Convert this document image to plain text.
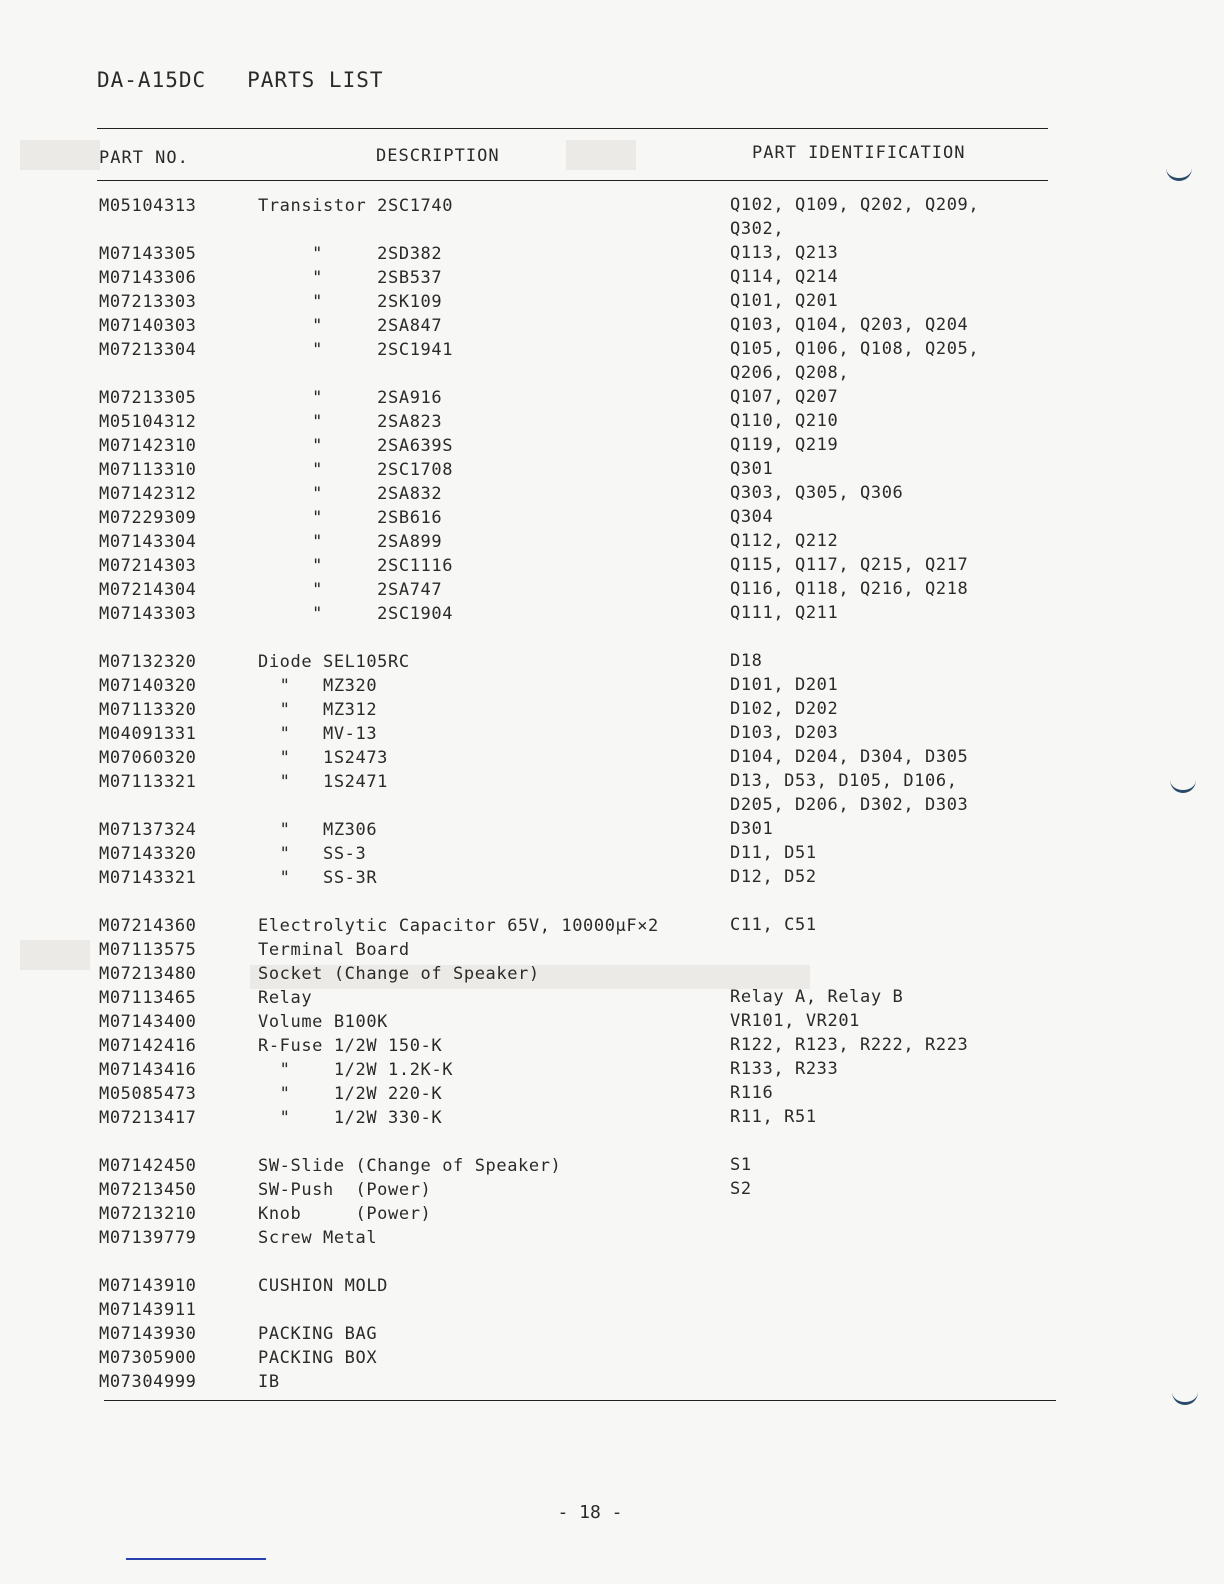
DA-A15DC   PARTS LIST
PART NO.	DESCRIPTION	PART IDENTIFICATION
M05104313	Transistor 2SC1740	Q102, Q109, Q202, Q209,
Q302,
M07143305	"     2SD382	Q113, Q213
M07143306	"     2SB537	Q114, Q214
M07213303	"     2SK109	Q101, Q201
M07140303	"     2SA847	Q103, Q104, Q203, Q204
M07213304	"     2SC1941	Q105, Q106, Q108, Q205,
Q206, Q208,
M07213305	"     2SA916	Q107, Q207
M05104312	"     2SA823	Q110, Q210
M07142310	"     2SA639S	Q119, Q219
M07113310	"     2SC1708	Q301
M07142312	"     2SA832	Q303, Q305, Q306
M07229309	"     2SB616	Q304
M07143304	"     2SA899	Q112, Q212
M07214303	"     2SC1116	Q115, Q117, Q215, Q217
M07214304	"     2SA747	Q116, Q118, Q216, Q218
M07143303	"     2SC1904	Q111, Q211
M07132320	Diode SEL105RC	D18
M07140320	"   MZ320	D101, D201
M07113320	"   MZ312	D102, D202
M04091331	"   MV-13	D103, D203
M07060320	"   1S2473	D104, D204, D304, D305
M07113321	"   1S2471	D13, D53, D105, D106,
D205, D206, D302, D303
M07137324	"   MZ306	D301
M07143320	"   SS-3	D11, D51
M07143321	"   SS-3R	D12, D52
M07214360	Electrolytic Capacitor 65V, 10000µF×2	C11, C51
M07113575	Terminal Board
M07213480	Socket (Change of Speaker)
M07113465	Relay	Relay A, Relay B
M07143400	Volume B100K	VR101, VR201
M07142416	R-Fuse 1/2W 150-K	R122, R123, R222, R223
M07143416	"    1/2W 1.2K-K	R133, R233
M05085473	"    1/2W 220-K	R116
M07213417	"    1/2W 330-K	R11, R51
M07142450	SW-Slide (Change of Speaker)	S1
M07213450	SW-Push  (Power)	S2
M07213210	Knob     (Power)
M07139779	Screw Metal
M07143910	CUSHION MOLD
M07143911
M07143930	PACKING BAG
M07305900	PACKING BOX
M07304999	IB
- 18 -
